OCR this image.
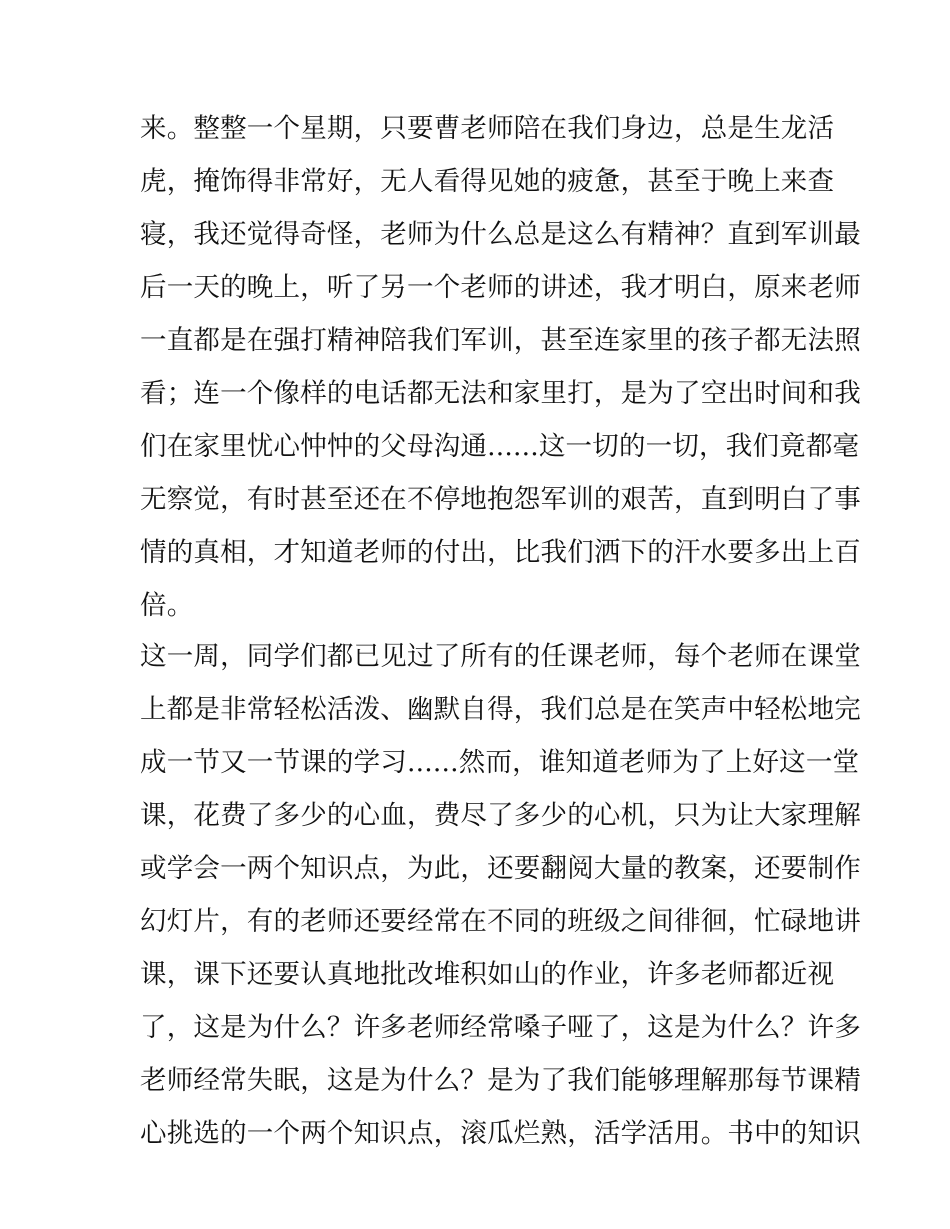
来。整整一个星期，只要曹老师陪在我们身边，总是生龙活
虎，掩饰得非常好，无人看得见她的疲惫，甚至于晚上来查
寝，我还觉得奇怪，老师为什么总是这么有精神？直到军训最
后一天的晚上，听了另一个老师的讲述，我才明白，原来老师
一直都是在强打精神陪我们军训，甚至连家里的孩子都无法照
看；连一个像样的电话都无法和家里打，是为了空出时间和我
们在家里忧心忡忡的父母沟通......这一切的一切，我们竟都毫
无察觉，有时甚至还在不停地抱怨军训的艰苦，直到明白了事
情的真相，才知道老师的付出，比我们洒下的汗水要多出上百
倍。
这一周，同学们都已见过了所有的任课老师，每个老师在课堂
上都是非常轻松活泼、幽默自得，我们总是在笑声中轻松地完
成一节又一节课的学习......然而，谁知道老师为了上好这一堂
课，花费了多少的心血，费尽了多少的心机，只为让大家理解
或学会一两个知识点，为此，还要翻阅大量的教案，还要制作
幻灯片，有的老师还要经常在不同的班级之间徘徊，忙碌地讲
课，课下还要认真地批改堆积如山的作业，许多老师都近视
了，这是为什么？许多老师经常嗓子哑了，这是为什么？许多
老师经常失眠，这是为什么？是为了我们能够理解那每节课精
心挑选的一个两个知识点，滚瓜烂熟，活学活用。书中的知识
